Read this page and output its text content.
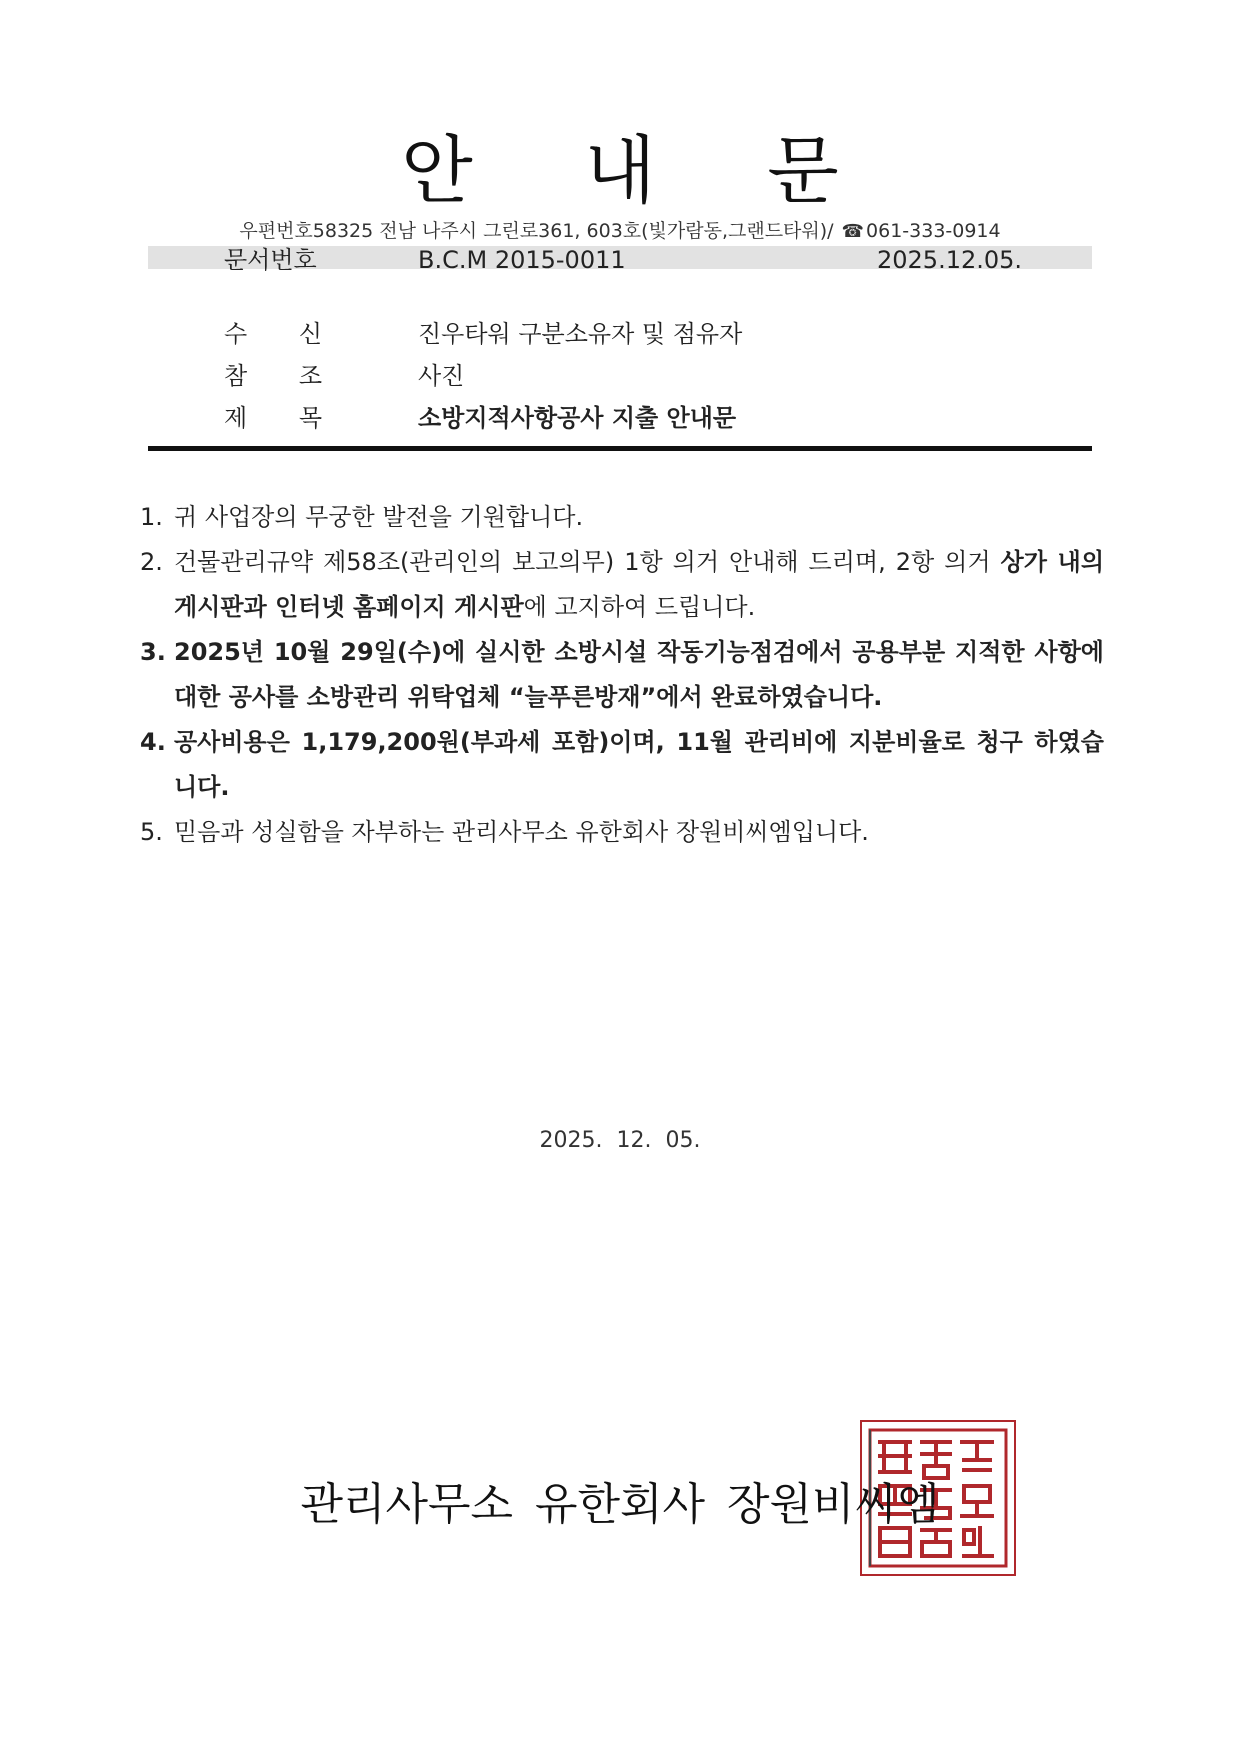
안 내 문
우편번호58325 전남 나주시 그린로361, 603호(빛가람동,그랜드타워)/ ☎ 061-333-0914
문서번호	B.C.M 2015-0011	2025.12.05.
수 신	진우타워 구분소유자 및 점유자
참 조	사진
제 목	소방지적사항공사 지출 안내문
1. 귀 사업장의 무궁한 발전을 기원합니다.
2. 건물관리규약 제58조(관리인의 보고의무) 1항 의거 안내해 드리며, 2항 의거 상가 내의 게시판과 인터넷 홈페이지 게시판에 고지하여 드립니다.
3. 2025년 10월 29일(수)에 실시한 소방시설 작동기능점검에서 공용부분 지적한 사항에 대한 공사를 소방관리 위탁업체 “늘푸른방재”에서 완료하였습니다.
4. 공사비용은 1,179,200원(부과세 포함)이며, 11월 관리비에 지분비율로 청구 하였습니다.
5. 믿음과 성실함을 자부하는 관리사무소 유한회사 장원비씨엠입니다.
2025.  12.  05.
관리사무소 유한회사 장원비씨엠
